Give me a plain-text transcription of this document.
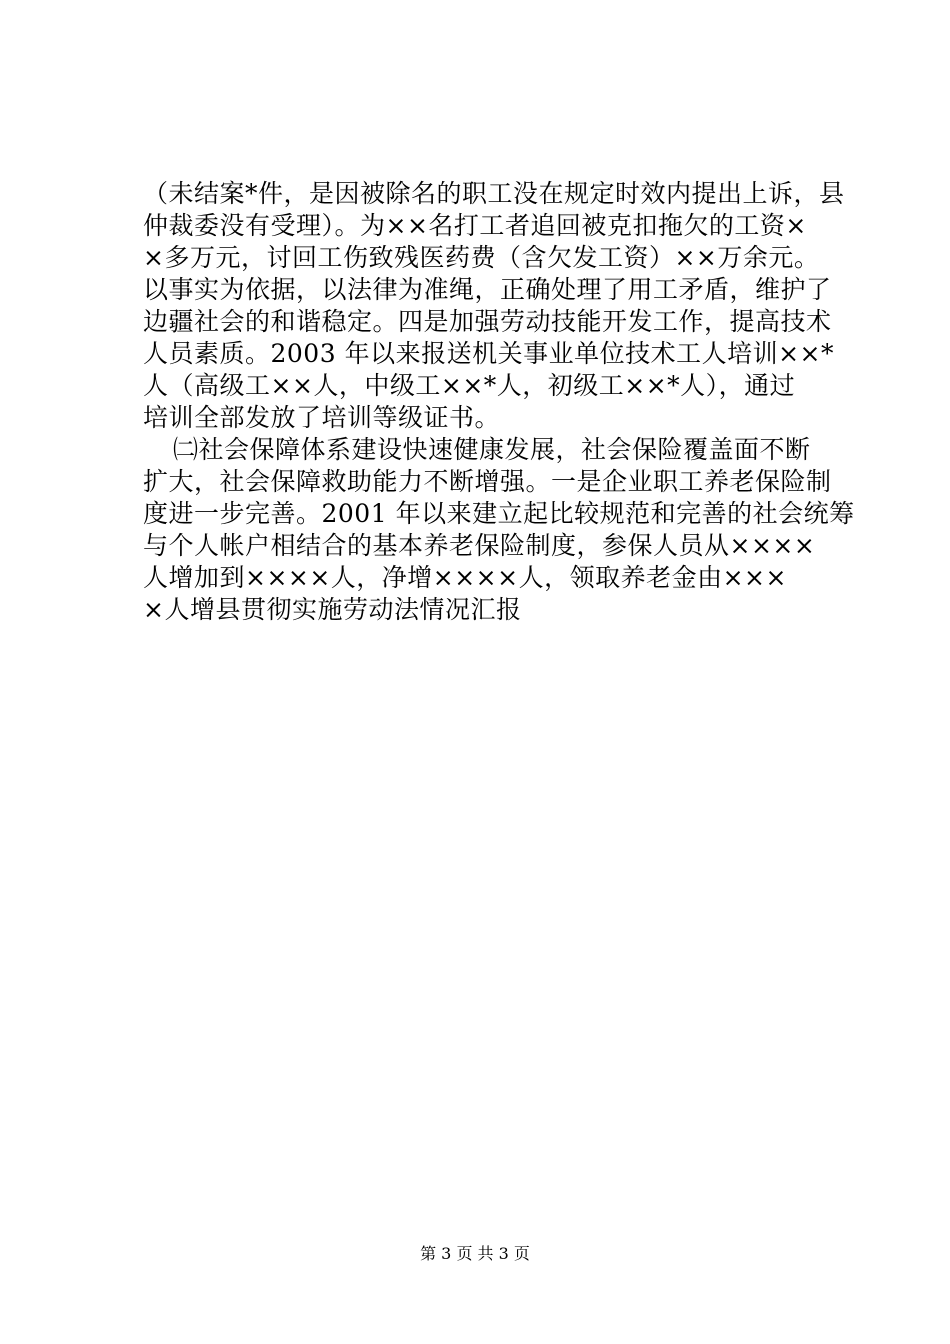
（未结案*件，是因被除名的职工没在规定时效内提出上诉，县
仲裁委没有受理）。为××名打工者追回被克扣拖欠的工资×
×多万元，讨回工伤致残医药费（含欠发工资）××万余元。
以事实为依据，以法律为准绳，正确处理了用工矛盾，维护了
边疆社会的和谐稳定。四是加强劳动技能开发工作，提高技术
人员素质。2003 年以来报送机关事业单位技术工人培训××*
人（高级工××人，中级工××*人，初级工××*人），通过
培训全部发放了培训等级证书。
㈡社会保障体系建设快速健康发展，社会保险覆盖面不断
扩大，社会保障救助能力不断增强。一是企业职工养老保险制
度进一步完善。2001 年以来建立起比较规范和完善的社会统筹
与个人帐户相结合的基本养老保险制度，参保人员从××××
人增加到××××人，净增××××人，领取养老金由×××
×人增县贯彻实施劳动法情况汇报
第 3 页 共 3 页
